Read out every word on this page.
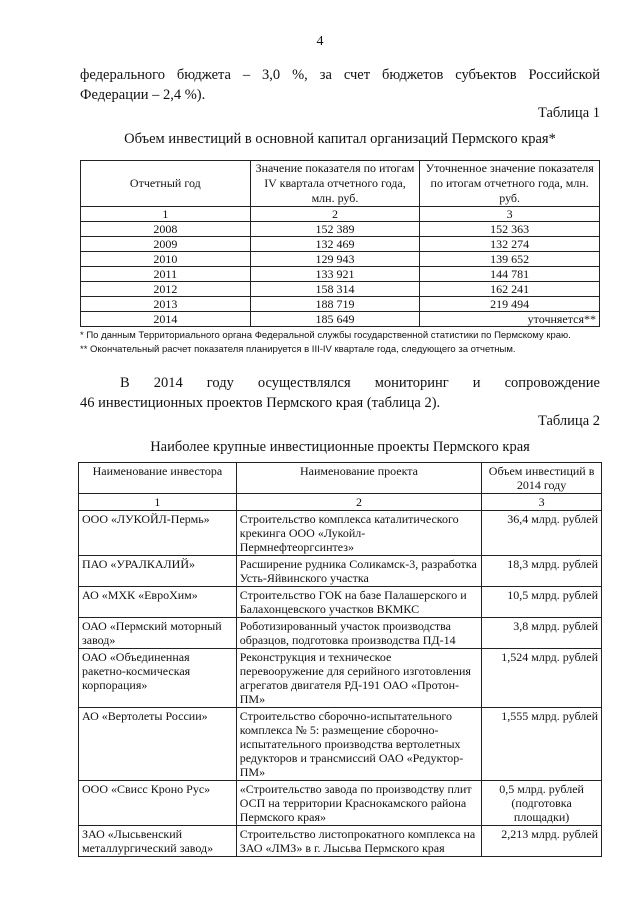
4
федерального бюджета – 3,0 %, за счет бюджетов субъектов Российской
Федерации – 2,4 %).
Таблица 1
Объем инвестиций в основной капитал организаций Пермского края*
Отчетный год	Значение показателя по итогам IV квартала отчетного года, млн. руб.	Уточненное значение показателя по итогам отчетного года, млн. руб.
1	2	3
2008	152 389	152 363
2009	132 469	132 274
2010	129 943	139 652
2011	133 921	144 781
2012	158 314	162 241
2013	188 719	219 494
2014	185 649	уточняется**
* По данным Территориального органа Федеральной службы государственной статистики по Пермскому краю.
** Окончательный расчет показателя планируется в III-IV квартале года, следующего за отчетным.
В 2014 году осуществлялся мониторинг и сопровождение
46 инвестиционных проектов Пермского края (таблица 2).
Таблица 2
Наиболее крупные инвестиционные проекты Пермского края
Наименование инвестора	Наименование проекта	Объем инвестиций в 2014 году
1	2	3
ООО «ЛУКОЙЛ-Пермь»	Строительство комплекса каталитического крекинга ООО «Лукойл-Пермнефтеоргсинтез»	36,4 млрд. рублей
ПАО «УРАЛКАЛИЙ»	Расширение рудника Соликамск-3, разработка Усть-Яйвинского участка	18,3 млрд. рублей
АО «МХК «ЕвроХим»	Строительство ГОК на базе Палашерского и Балахонцевского участков ВКМКС	10,5 млрд. рублей
ОАО «Пермский моторный завод»	Роботизированный участок производства образцов, подготовка производства ПД-14	3,8 млрд. рублей
ОАО «Объединенная ракетно-космическая корпорация»	Реконструкция и техническое перевооружение для серийного изготовления агрегатов двигателя РД-191 ОАО «Протон-ПМ»	1,524 млрд. рублей
АО «Вертолеты России»	Строительство сборочно-испытательного комплекса № 5: размещение сборочно-испытательного производства вертолетных редукторов и трансмиссий ОАО «Редуктор-ПМ»	1,555 млрд. рублей
ООО «Свисс Кроно Рус»	«Строительство завода по производству плит ОСП на территории Краснокамского района Пермского края»	0,5 млрд. рублей (подготовка площадки)
ЗАО «Лысьвенский металлургический завод»	Строительство листопрокатного комплекса на ЗАО «ЛМЗ» в г. Лысьва Пермского края	2,213 млрд. рублей
